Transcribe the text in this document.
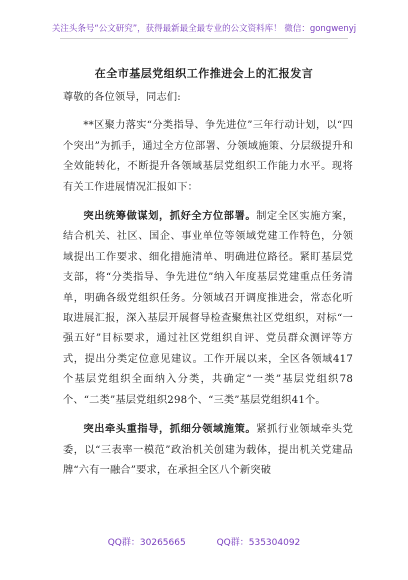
关注头条号“公文研究”，获得最新最全最专业的公文资料库！ 微信：gongwenyj
在全市基层党组织工作推进会上的汇报发言

尊敬的各位领导，同志们:

**区聚力落实“分类指导、争先进位”三年行动计划，以“四个突出”为抓手，通过全方位部署、分领域施策、分层级提升和全效能转化，不断提升各领域基层党组织工作能力水平。现将有关工作进展情况汇报如下：

突出统筹做谋划，抓好全方位部署。制定全区实施方案，结合机关、社区、国企、事业单位等领域党建工作特色，分领域提出工作要求、细化措施清单、明确进位路径。紧盯基层党支部，将“分类指导、争先进位”纳入年度基层党建重点任务清单，明确各级党组织任务。分领域召开调度推进会，常态化听取进展汇报，深入基层开展督导检查聚焦社区党组织，对标“一强五好”目标要求，通过社区党组织自评、党员群众测评等方式，提出分类定位意见建议。工作开展以来，全区各领域417个基层党组织全面纳入分类，共确定“一类”基层党组织78个、“二类”基层党组织298个、“三类”基层党组织41个。

突出牵头重指导，抓细分领域施策。紧抓行业领域牵头党委，以“三表率一模范”政治机关创建为载体，提出机关党建品牌“六有一融合”要求，在承担全区八个新突破

QQ群：30265665	QQ群：535304092
